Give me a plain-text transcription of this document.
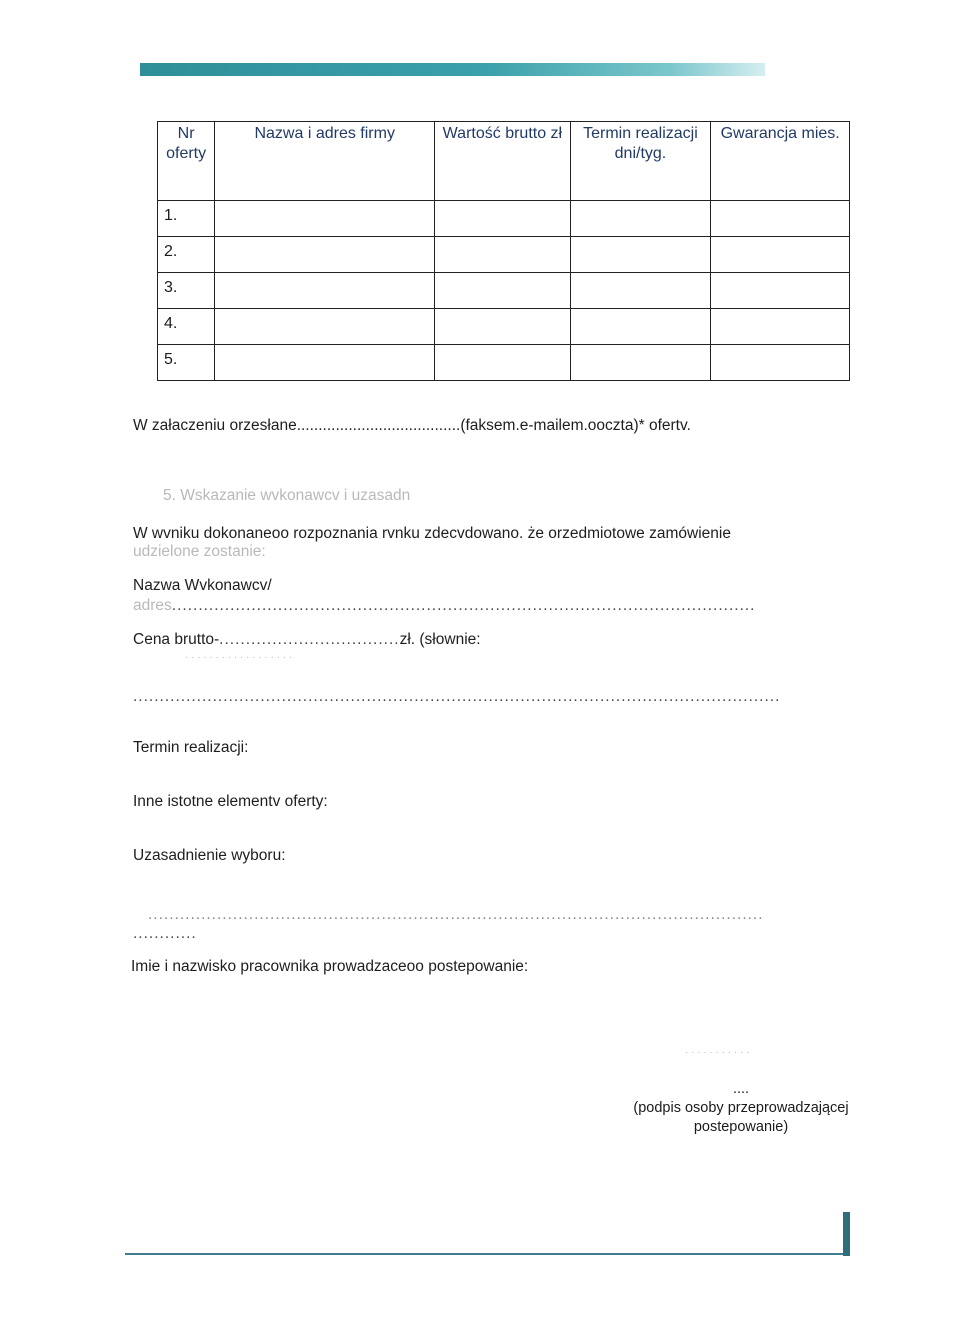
Nr oferty	Nazwa i adres firmy	Wartość brutto zł	Termin realizacji dni/tyg.	Gwarancja mies.
1.				
2.				
3.				
4.				
5.				
W załaczeniu orzesłane......................................(faksem.e-mailem.ooczta)* ofertv.
5. Wskazanie wvkonawcv i uzasadn
W wvniku dokonaneoo rozpoznania rvnku zdecvdowano. że orzedmiotowe zamówienie
udzielone zostanie:
Nazwa Wvkonawcv/
adres..............................................................................................................
Cena brutto-..................................zł. (słownie:
· · · · · · · · · · · · · · · · · ·
..........................................................................................................................
Termin realizacji:
Inne istotne elementv oferty:
Uzasadnienie wyboru:
....................................................................................................................
............
Imie i nazwisko pracownika prowadzaceoo postepowanie:
· · · · · · · · · · ·
....
(podpis osoby przeprowadzającej
postepowanie)
